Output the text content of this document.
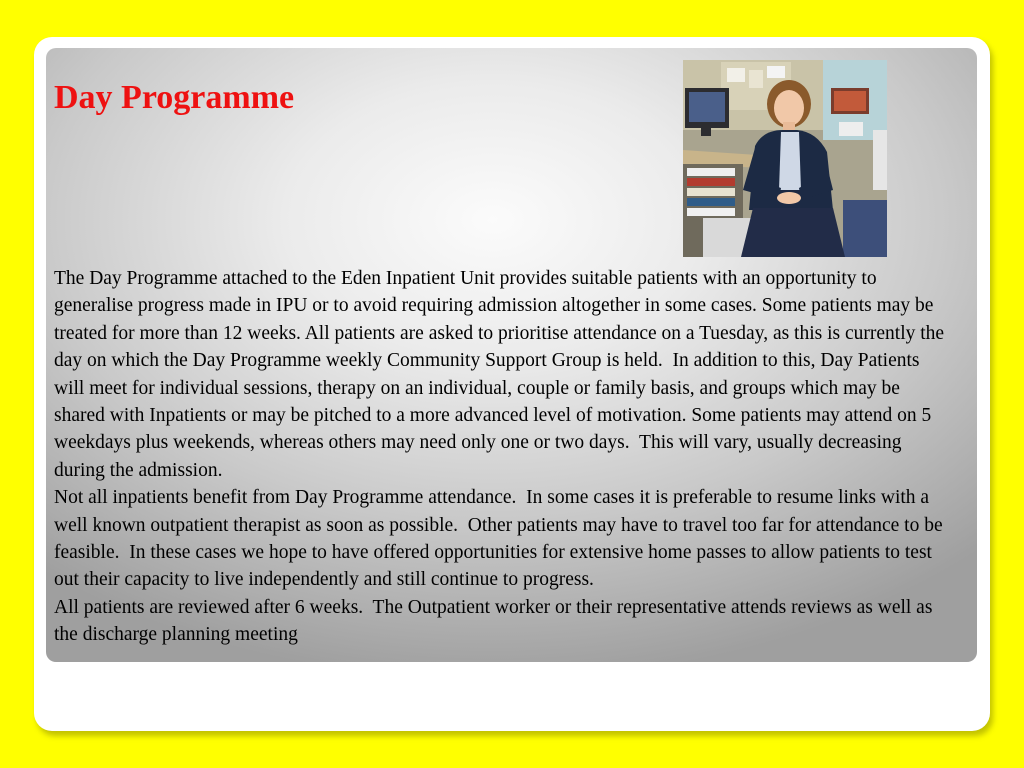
Day Programme

The Day Programme attached to the Eden Inpatient Unit provides suitable patients with an opportunity to generalise progress made in IPU or to avoid requiring admission altogether in some cases. Some patients may be treated for more than 12 weeks. All patients are asked to prioritise attendance on a Tuesday, as this is currently the day on which the Day Programme weekly Community Support Group is held.  In addition to this, Day Patients will meet for individual sessions, therapy on an individual, couple or family basis, and groups which may be shared with Inpatients or may be pitched to a more advanced level of motivation. Some patients may attend on 5 weekdays plus weekends, whereas others may need only one or two days.  This will vary, usually decreasing during the admission.

Not all inpatients benefit from Day Programme attendance.  In some cases it is preferable to resume links with a well known outpatient therapist as soon as possible.  Other patients may have to travel too far for attendance to be feasible.  In these cases we hope to have offered opportunities for extensive home passes to allow patients to test out their capacity to live independently and still continue to progress.

All patients are reviewed after 6 weeks.  The Outpatient worker or their representative attends reviews as well as the discharge planning meeting
